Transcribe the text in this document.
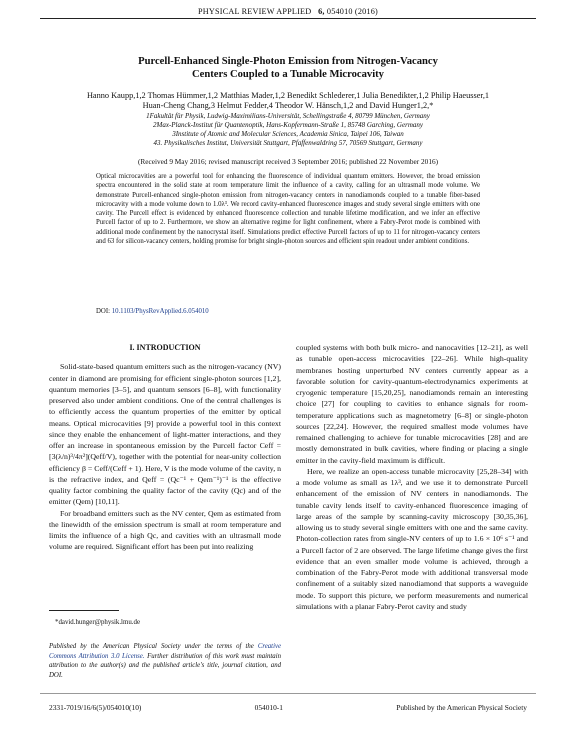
PHYSICAL REVIEW APPLIED 6, 054010 (2016)
Purcell-Enhanced Single-Photon Emission from Nitrogen-Vacancy
Centers Coupled to a Tunable Microcavity
Hanno Kaupp,1,2 Thomas Hümmer,1,2 Matthias Mader,1,2 Benedikt Schlederer,1 Julia Benedikter,1,2 Philip Haeusser,1
Huan-Cheng Chang,3 Helmut Fedder,4 Theodor W. Hänsch,1,2 and David Hunger1,2,*
1Fakultät für Physik, Ludwig-Maximilians-Universität, Schellingstraße 4, 80799 München, Germany
2Max-Planck-Institut für Quantenoptik, Hans-Kopfermann-Straße 1, 85748 Garching, Germany
3Institute of Atomic and Molecular Sciences, Academia Sinica, Taipei 106, Taiwan
43. Physikalisches Institut, Universität Stuttgart, Pfaffenwaldring 57, 70569 Stuttgart, Germany
(Received 9 May 2016; revised manuscript received 3 September 2016; published 22 November 2016)
Optical microcavities are a powerful tool for enhancing the fluorescence of individual quantum emitters. However, the broad emission spectra encountered in the solid state at room temperature limit the influence of a cavity, calling for an ultrasmall mode volume. We demonstrate Purcell-enhanced single-photon emission from nitrogen-vacancy centers in nanodiamonds coupled to a tunable fiber-based microcavity with a mode volume down to 1.0λ³. We record cavity-enhanced fluorescence images and study several single emitters with one cavity. The Purcell effect is evidenced by enhanced fluorescence collection and tunable lifetime modification, and we infer an effective Purcell factor of up to 2. Furthermore, we show an alternative regime for light confinement, where a Fabry-Perot mode is combined with additional mode confinement by the nanocrystal itself. Simulations predict effective Purcell factors of up to 11 for nitrogen-vacancy centers and 63 for silicon-vacancy centers, holding promise for bright single-photon sources and efficient spin readout under ambient conditions.
DOI: 10.1103/PhysRevApplied.6.054010
I. INTRODUCTION

Solid-state-based quantum emitters such as the nitrogen-vacancy (NV) center in diamond are promising for efficient single-photon sources [1,2], quantum memories [3–5], and quantum sensors [6–8], with functionality preserved also under ambient conditions. One of the central challenges is to efficiently access the quantum properties of the emitter by optical means. Optical microcavities [9] provide a powerful tool in this context since they enable the enhancement of light-matter interactions, and they offer an increase in spontaneous emission by the Purcell factor Ceff = [3(λ/n)³/4π²](Qeff/V), together with the potential for near-unity collection efficiency β = Ceff/(Ceff + 1). Here, V is the mode volume of the cavity, n is the refractive index, and Qeff = (Qc⁻¹ + Qem⁻¹)⁻¹ is the effective quality factor combining the quality factor of the cavity (Qc) and of the emitter (Qem) [10,11].

For broadband emitters such as the NV center, Qem as estimated from the linewidth of the emission spectrum is small at room temperature and limits the influence of a high Qc, and cavities with an ultrasmall mode volume are required. Significant effort has been put into realizing

coupled systems with both bulk micro- and nanocavities [12–21], as well as tunable open-access microcavities [22–26]. While high-quality membranes hosting unperturbed NV centers currently appear as a favorable solution for cavity-quantum-electrodynamics experiments at cryogenic temperature [15,20,25], nanodiamonds remain an interesting choice [27] for coupling to cavities to enhance signals for room-temperature applications such as magnetometry [6–8] or single-photon sources [22,24]. However, the required smallest mode volumes have remained challenging to achieve for tunable microcavities [28] and are mostly demonstrated in bulk cavities, where finding or placing a single emitter in the cavity-field maximum is difficult.

Here, we realize an open-access tunable microcavity [25,28–34] with a mode volume as small as 1λ³, and we use it to demonstrate Purcell enhancement of the emission of NV centers in nanodiamonds. The tunable cavity lends itself to cavity-enhanced fluorescence imaging of large areas of the sample by scanning-cavity microscopy [30,35,36], allowing us to study several single emitters with one and the same cavity. Photon-collection rates from single-NV centers of up to 1.6 × 10⁶ s⁻¹ and a Purcell factor of 2 are observed. The large lifetime change gives the first evidence that an even smaller mode volume is achieved, through a combination of the Fabry-Perot mode with additional transversal mode confinement of a suitably sized nanodiamond that supports a waveguide mode. To support this picture, we perform measurements and numerical simulations with a planar Fabry-Perot cavity and study

*david.hunger@physik.lmu.de
Published by the American Physical Society under the terms of the Creative Commons Attribution 3.0 License. Further distribution of this work must maintain attribution to the author(s) and the published article's title, journal citation, and DOI.
2331-7019/16/6(5)/054010(10)	054010-1	Published by the American Physical Society
